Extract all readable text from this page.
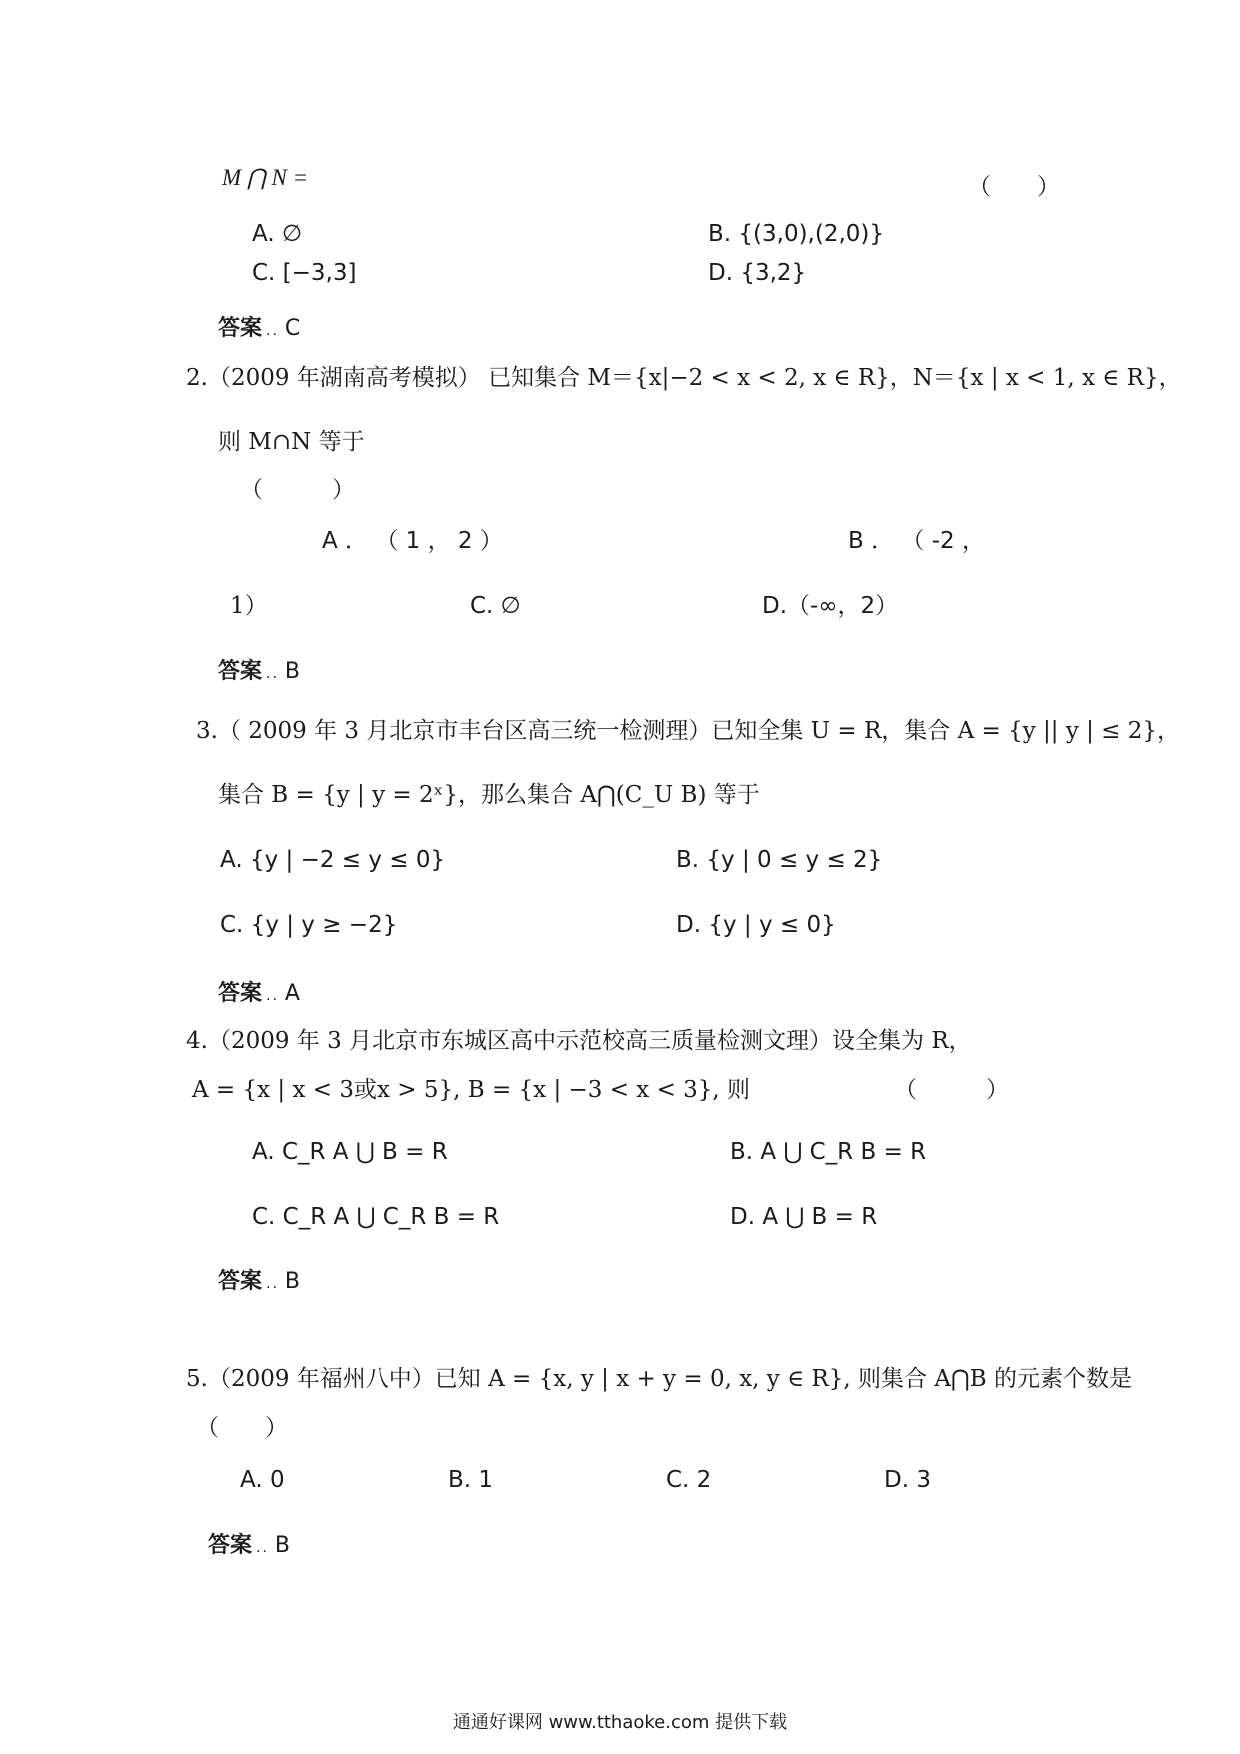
M ⋂ N =	（　　）
A. ∅	B. {(3,0),(2,0)}
C. [−3,3]	D. {3,2}
答案 .. C
2.（2009 年湖南高考模拟） 已知集合 M＝{x|−2 < x < 2, x ∈ R}，N＝{x | x < 1, x ∈ R}，
则 M∩N 等于
（　　　）
A ． （ 1 ， 2 ）	B ． （ -2 ，
1）	C. ∅	D.（-∞，2）
答案 .. B
3.（ 2009 年 3 月北京市丰台区高三统一检测理）已知全集 U = R，集合 A = {y || y | ≤ 2}，
集合 B = {y | y = 2ˣ}，那么集合 A⋂(C_U B) 等于
A. {y | −2 ≤ y ≤ 0}	B. {y | 0 ≤ y ≤ 2}
C. {y | y ≥ −2}	D. {y | y ≤ 0}
答案 .. A
4.（2009 年 3 月北京市东城区高中示范校高三质量检测文理）设全集为 R，
A = {x | x < 3或x > 5}, B = {x | −3 < x < 3}, 则	（　　　）
A. C_R A ⋃ B = R	B. A ⋃ C_R B = R
C. C_R A ⋃ C_R B = R	D. A ⋃ B = R
答案 .. B
5.（2009 年福州八中）已知 A = {x, y | x + y = 0, x, y ∈ R}, 则集合 A⋂B 的元素个数是
（　　）
A. 0	B. 1	C. 2	D. 3
答案 .. B
通通好课网 www.tthaoke.com 提供下载
